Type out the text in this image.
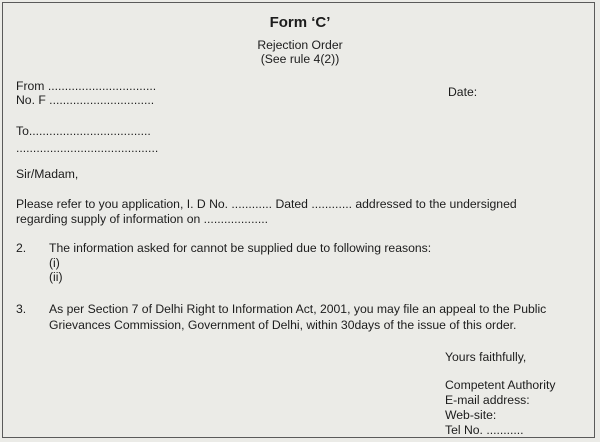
Form ‘C’
Rejection Order
(See rule 4(2))
From ................................	Date:
No. F ...............................
To....................................
..........................................
Sir/Madam,
Please refer to you application, I. D No. ............ Dated ............ addressed to the undersigned
regarding supply of information on ...................
2. The information asked for cannot be supplied due to following reasons:
(i)
(ii)
3. As per Section 7 of Delhi Right to Information Act, 2001, you may file an appeal to the Public
Grievances Commission, Government of Delhi, within 30days of the issue of this order.
Yours faithfully,
Competent Authority
E-mail address:
Web-site:
Tel No. ...........
